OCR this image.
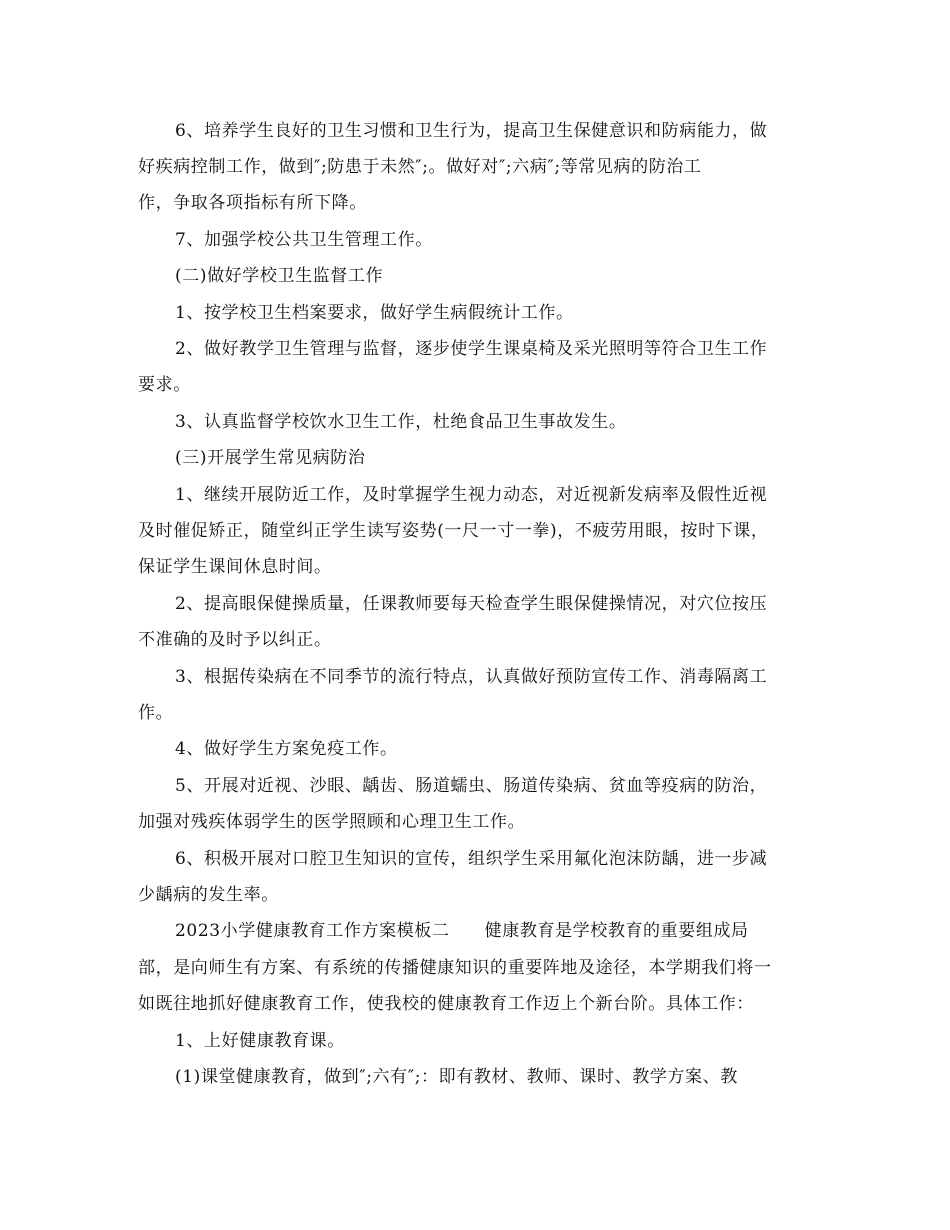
6、培养学生良好的卫生习惯和卫生行为，提高卫生保健意识和防病能力，做
好疾病控制工作，做到″;防患于未然″;。做好对″;六病″;等常见病的防治工
作，争取各项指标有所下降。
7、加强学校公共卫生管理工作。
(二)做好学校卫生监督工作
1、按学校卫生档案要求，做好学生病假统计工作。
2、做好教学卫生管理与监督，逐步使学生课桌椅及采光照明等符合卫生工作
要求。
3、认真监督学校饮水卫生工作，杜绝食品卫生事故发生。
(三)开展学生常见病防治
1、继续开展防近工作，及时掌握学生视力动态，对近视新发病率及假性近视
及时催促矫正，随堂纠正学生读写姿势(一尺一寸一拳)，不疲劳用眼，按时下课，
保证学生课间休息时间。
2、提高眼保健操质量，任课教师要每天检查学生眼保健操情况，对穴位按压
不准确的及时予以纠正。
3、根据传染病在不同季节的流行特点，认真做好预防宣传工作、消毒隔离工
作。
4、做好学生方案免疫工作。
5、开展对近视、沙眼、龋齿、肠道蠕虫、肠道传染病、贫血等疫病的防治，
加强对残疾体弱学生的医学照顾和心理卫生工作。
6、积极开展对口腔卫生知识的宣传，组织学生采用氟化泡沫防龋，进一步减
少龋病的发生率。
2023小学健康教育工作方案模板二　　健康教育是学校教育的重要组成局
部，是向师生有方案、有系统的传播健康知识的重要阵地及途径，本学期我们将一
如既往地抓好健康教育工作，使我校的健康教育工作迈上个新台阶。具体工作：
1、上好健康教育课。
(1)课堂健康教育，做到″;六有″;：即有教材、教师、课时、教学方案、教
